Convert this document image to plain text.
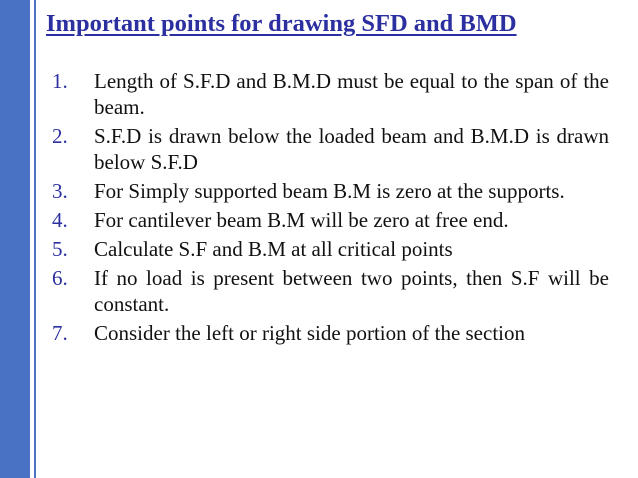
Important points for drawing SFD and BMD
1.	Length of S.F.D and B.M.D must be equal to the span of the beam.
2.	S.F.D is drawn below the loaded beam and B.M.D is drawn below S.F.D
3.	For Simply supported beam B.M is zero at the supports.
4.	For cantilever beam B.M will be zero at free end.
5.	Calculate S.F and B.M at all critical points
6.	If no load is present between two points, then S.F will be constant.
7.	Consider the left or right side portion of the section
